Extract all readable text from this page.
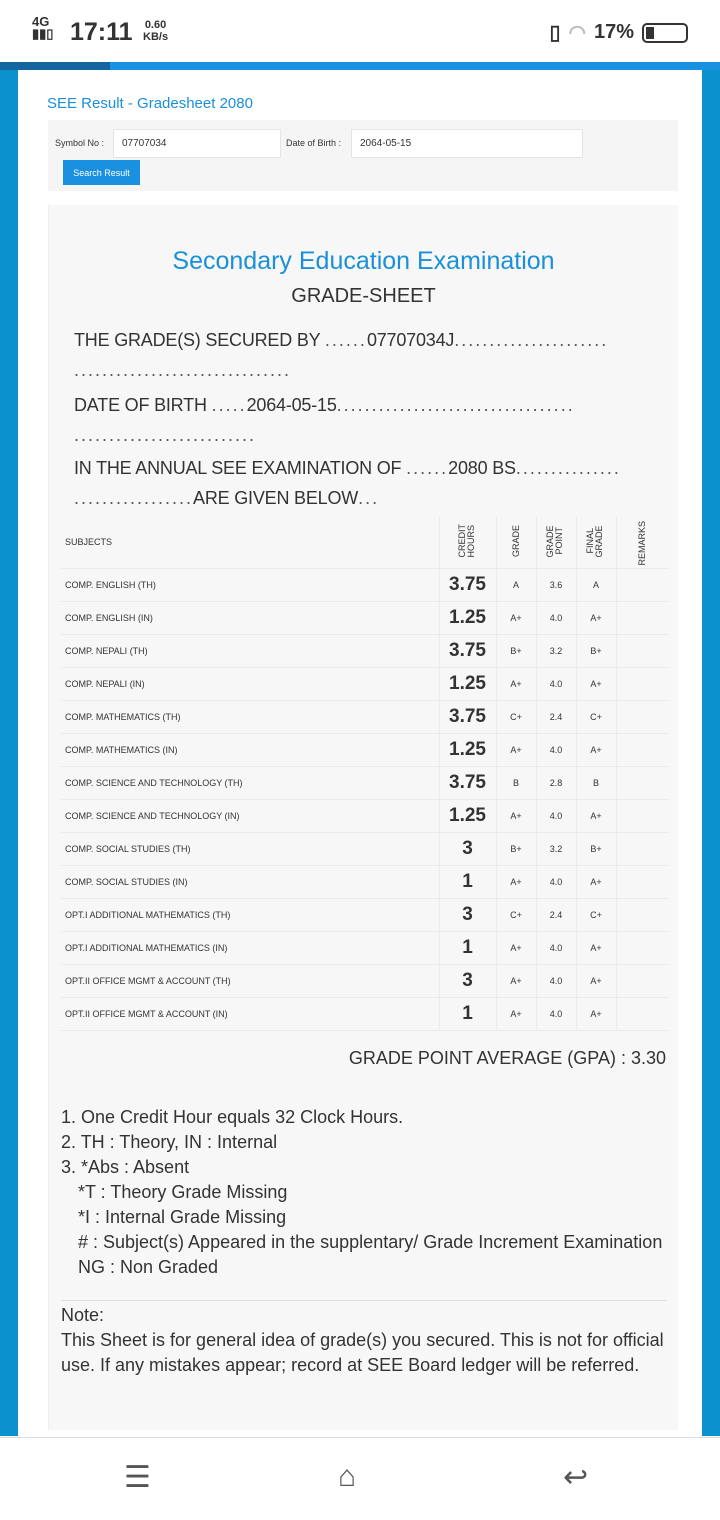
4G
▮▮▯ 17:11 0.60
KB/s	▯ ◠ 17%
SEE Result - Gradesheet 2080
Symbol No :
07707034	Date of Birth :
2064-05-15
Search Result
Secondary Education Examination
GRADE-SHEET
THE GRADE(S) SECURED BY ......07707034J......................
...............................
DATE OF BIRTH .....2064-05-15..................................
..........................
IN THE ANNUAL SEE EXAMINATION OF ......2080 BS...............
.................ARE GIVEN BELOW...
SUBJECTS	CREDIT HOURS	GRADE	GRADE POINT	FINAL GRADE	REMARKS
COMP. ENGLISH (TH)	3.75	A	3.6	A	
COMP. ENGLISH (IN)	1.25	A+	4.0	A+	
COMP. NEPALI (TH)	3.75	B+	3.2	B+	
COMP. NEPALI (IN)	1.25	A+	4.0	A+	
COMP. MATHEMATICS (TH)	3.75	C+	2.4	C+	
COMP. MATHEMATICS (IN)	1.25	A+	4.0	A+	
COMP. SCIENCE AND TECHNOLOGY (TH)	3.75	B	2.8	B	
COMP. SCIENCE AND TECHNOLOGY (IN)	1.25	A+	4.0	A+	
COMP. SOCIAL STUDIES (TH)	3	B+	3.2	B+	
COMP. SOCIAL STUDIES (IN)	1	A+	4.0	A+	
OPT.I ADDITIONAL MATHEMATICS (TH)	3	C+	2.4	C+	
OPT.I ADDITIONAL MATHEMATICS (IN)	1	A+	4.0	A+	
OPT.II OFFICE MGMT & ACCOUNT (TH)	3	A+	4.0	A+	
OPT.II OFFICE MGMT & ACCOUNT (IN)	1	A+	4.0	A+	
GRADE POINT AVERAGE (GPA) : 3.30
1. One Credit Hour equals 32 Clock Hours.
2. TH : Theory, IN : Internal
3. *Abs : Absent
*T : Theory Grade Missing
*I : Internal Grade Missing
# : Subject(s) Appeared in the supplentary/ Grade Increment Examination
NG : Non Graded
Note:
This Sheet is for general idea of grade(s) you secured. This is not for official use. If any mistakes appear; record at SEE Board ledger will be referred.
☰	⌂	↩
